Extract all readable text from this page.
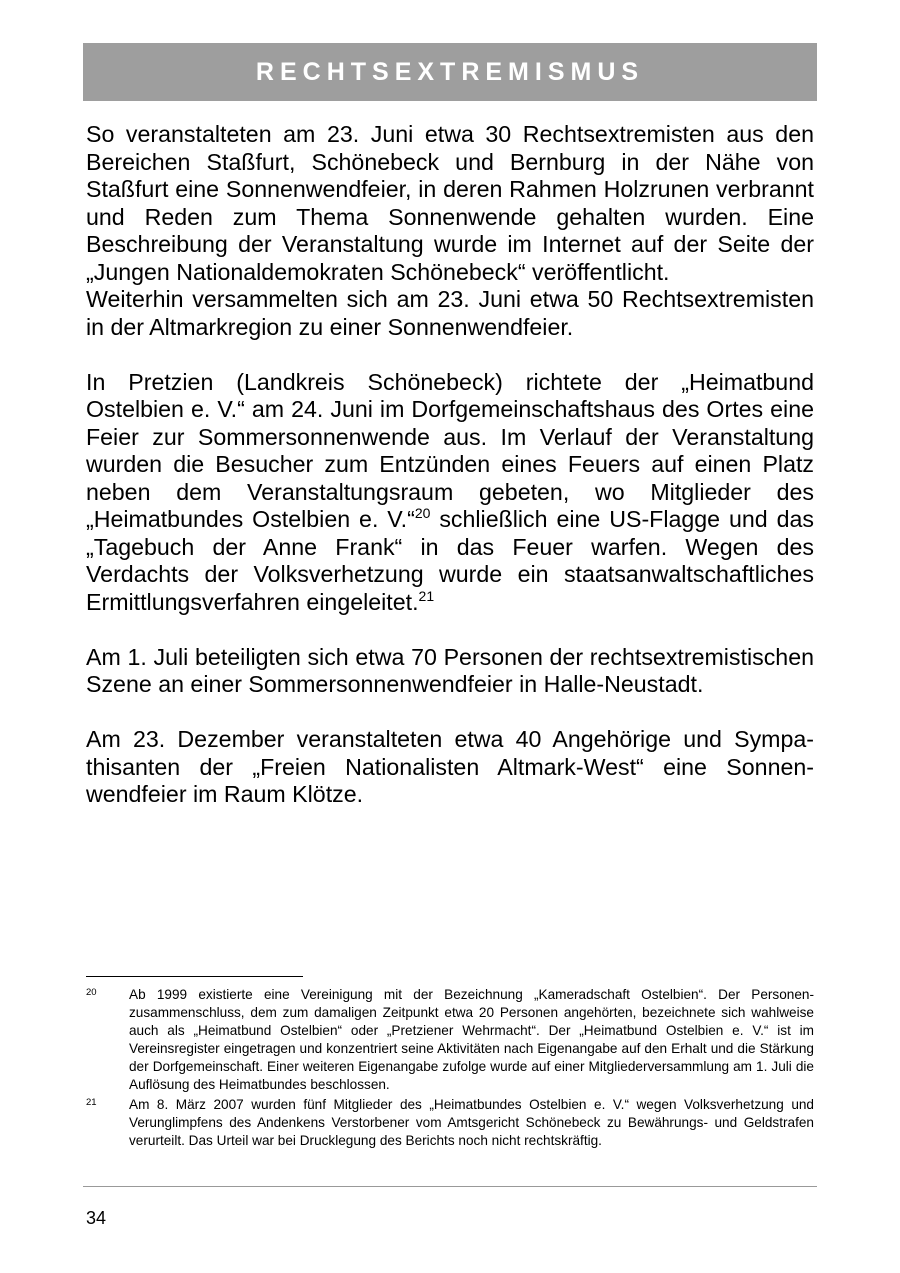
RECHTSEXTREMISMUS

So veranstalteten am 23. Juni etwa 30 Rechtsextremisten aus den Bereichen Staßfurt, Schönebeck und Bernburg in der Nähe von Staßfurt eine Sonnenwendfeier, in deren Rahmen Holzrunen verbrannt und Reden zum Thema Sonnenwende gehalten wurden. Eine Beschreibung der Veranstaltung wurde im Internet auf der Seite der „Jungen Nationaldemokraten Schönebeck“ veröffentlicht.

Weiterhin versammelten sich am 23. Juni etwa 50 Rechtsextremisten in der Altmarkregion zu einer Sonnenwendfeier.

In Pretzien (Landkreis Schönebeck) richtete der „Heimatbund Ostelbien e. V.“ am 24. Juni im Dorfgemeinschaftshaus des Ortes eine Feier zur Sommersonnenwende aus. Im Verlauf der Veranstaltung wurden die Besucher zum Entzünden eines Feuers auf einen Platz neben dem Veranstaltungsraum gebeten, wo Mitglieder des „Heimatbundes Ostelbien e. V.“$^{20}$ schließlich eine US-Flagge und das „Tagebuch der Anne Frank“ in das Feuer warfen. Wegen des Verdachts der Volksverhetzung wurde ein staatsanwaltschaftliches Ermittlungsverfahren eingeleitet.$^{21}$

Am 1. Juli beteiligten sich etwa 70 Personen der rechtsextremistischen Szene an einer Sommersonnenwendfeier in Halle-Neustadt.

Am 23. Dezember veranstalteten etwa 40 Angehörige und Sympathisanten der „Freien Nationalisten Altmark-West“ eine Sonnenwendfeier im Raum Klötze.

20	Ab 1999 existierte eine Vereinigung mit der Bezeichnung „Kameradschaft Ostelbien“. Der Personenzusammenschluss, dem zum damaligen Zeitpunkt etwa 20 Personen angehörten, bezeichnete sich wahlweise auch als „Heimatbund Ostelbien“ oder „Pretziener Wehrmacht“. Der „Heimatbund Ostelbien e. V.“ ist im Vereinsregister eingetragen und konzentriert seine Aktivitäten nach Eigenangabe auf den Erhalt und die Stärkung der Dorfgemeinschaft. Einer weiteren Eigenangabe zufolge wurde auf einer Mitgliederversammlung am 1. Juli die Auflösung des Heimatbundes beschlossen.

21	Am 8. März 2007 wurden fünf Mitglieder des „Heimatbundes Ostelbien e. V.“ wegen Volksverhetzung und Verunglimpfens des Andenkens Verstorbener vom Amtsgericht Schönebeck zu Bewährungs- und Geldstrafen verurteilt. Das Urteil war bei Drucklegung des Berichts noch nicht rechtskräftig.

34
